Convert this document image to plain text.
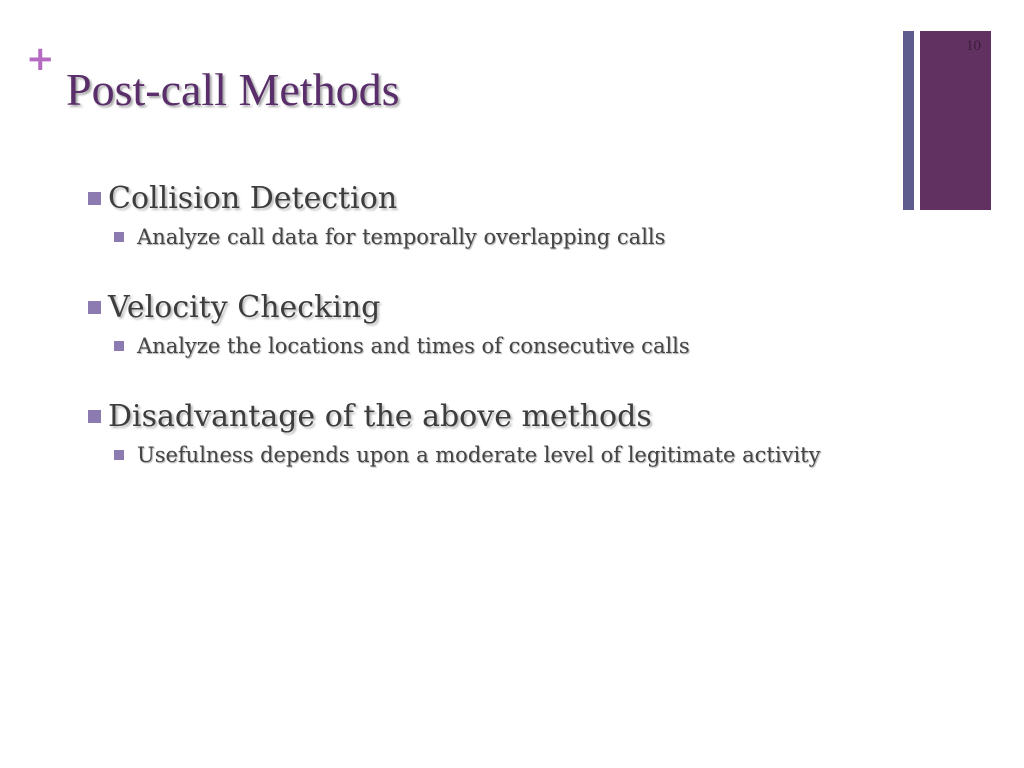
+
Post-call Methods
10
Collision Detection
Analyze call data for temporally overlapping calls
Velocity Checking
Analyze the locations and times of consecutive calls
Disadvantage of the above methods
Usefulness depends upon a moderate level of legitimate activity
